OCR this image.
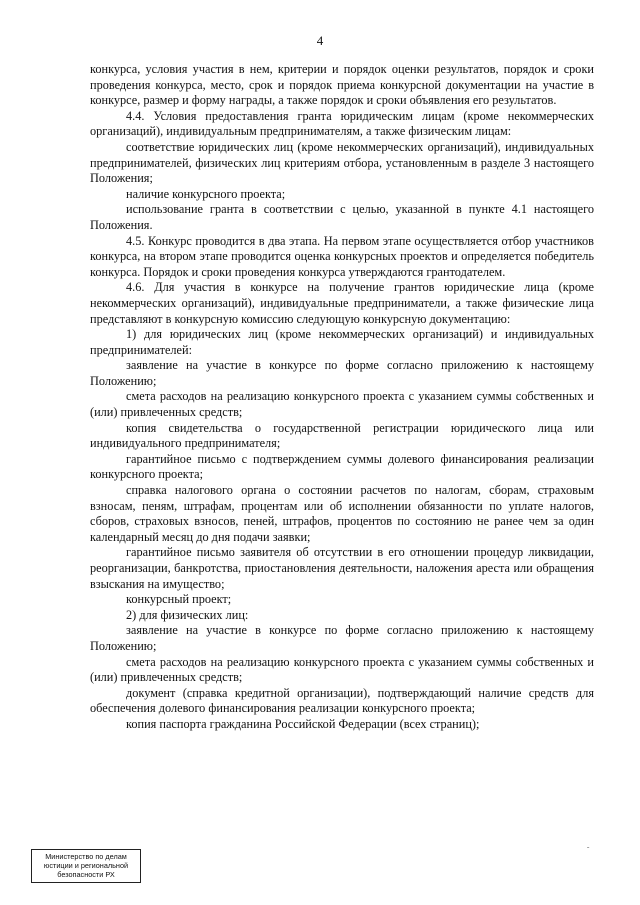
4

конкурса, условия участия в нем, критерии и порядок оценки результатов, порядок и сроки проведения конкурса, место, срок и порядок приема конкурсной документации на участие в конкурсе, размер и форму награды, а также порядок и сроки объявления его результатов.

4.4. Условия предоставления гранта юридическим лицам (кроме некоммерческих организаций), индивидуальным предпринимателям, а также физическим лицам:

соответствие юридических лиц (кроме некоммерческих организаций), индивидуальных предпринимателей, физических лиц критериям отбора, установленным в разделе 3 настоящего Положения;

наличие конкурсного проекта;

использование гранта в соответствии с целью, указанной в пункте 4.1 настоящего Положения.

4.5. Конкурс проводится в два этапа. На первом этапе осуществляется отбор участников конкурса, на втором этапе проводится оценка конкурсных проектов и определяется победитель конкурса. Порядок и сроки проведения конкурса утверждаются грантодателем.

4.6. Для участия в конкурсе на получение грантов юридические лица (кроме некоммерческих организаций), индивидуальные предприниматели, а также физические лица представляют в конкурсную комиссию следующую конкурсную документацию:

1) для юридических лиц (кроме некоммерческих организаций) и индивидуальных предпринимателей:

заявление на участие в конкурсе по форме согласно приложению к настоящему Положению;

смета расходов на реализацию конкурсного проекта с указанием суммы собственных и (или) привлеченных средств;

копия свидетельства о государственной регистрации юридического лица или индивидуального предпринимателя;

гарантийное письмо с подтверждением суммы долевого финансирования реализации конкурсного проекта;

справка налогового органа о состоянии расчетов по налогам, сборам, страховым взносам, пеням, штрафам, процентам или об исполнении обязанности по уплате налогов, сборов, страховых взносов, пеней, штрафов, процентов по состоянию не ранее чем за один календарный месяц до дня подачи заявки;

гарантийное письмо заявителя об отсутствии в его отношении процедур ликвидации, реорганизации, банкротства, приостановления деятельности, наложения ареста или обращения взыскания на имущество;

конкурсный проект;

2) для физических лиц:

заявление на участие в конкурсе по форме согласно приложению к настоящему Положению;

смета расходов на реализацию конкурсного проекта с указанием суммы собственных и (или) привлеченных средств;

документ (справка кредитной организации), подтверждающий наличие средств для обеспечения долевого финансирования реализации конкурсного проекта;

копия паспорта гражданина Российской Федерации (всех страниц);

ˇ
Министерство по делам
юстиции и региональной
безопасности РХ
